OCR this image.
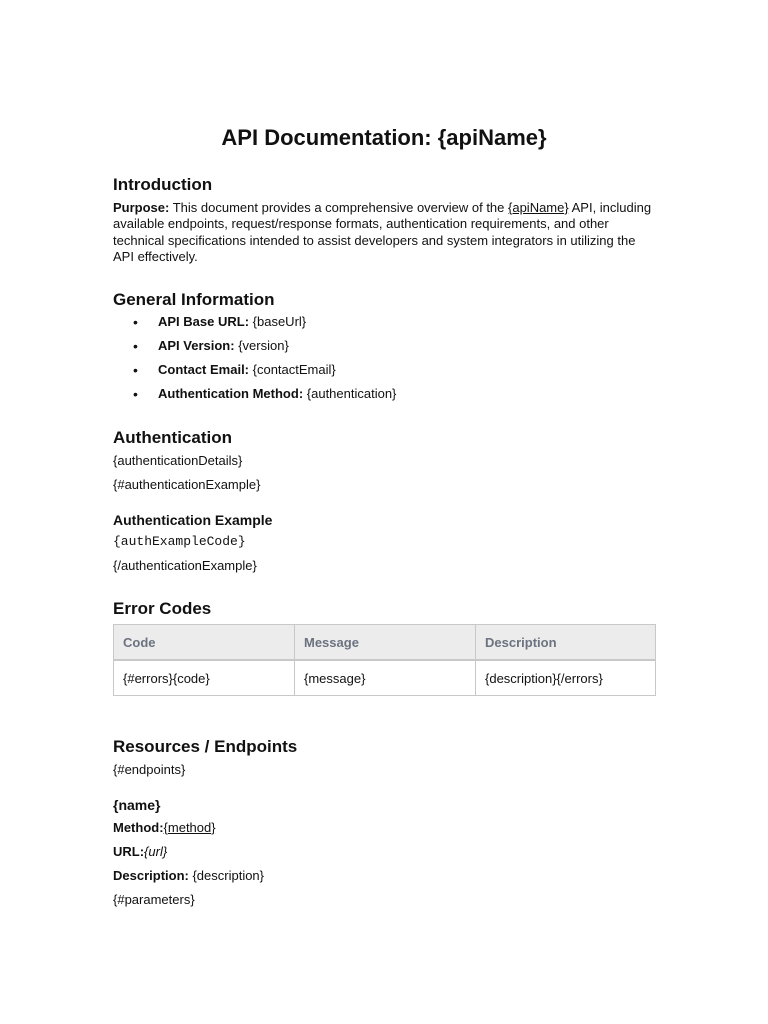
API Documentation: {apiName}
Introduction

Purpose: This document provides a comprehensive overview of the {apiName} API, including available endpoints, request/response formats, authentication requirements, and other technical specifications intended to assist developers and system integrators in utilizing the API effectively.

General Information
• API Base URL: {baseUrl}
• API Version: {version}
• Contact Email: {contactEmail}
• Authentication Method: {authentication}
Authentication

{authenticationDetails}

{#authenticationExample}

Authentication Example

{authExampleCode}

{/authenticationExample}

Error Codes
Code	Message	Description
{#errors}{code}	{message}	{description}{/errors}
Resources / Endpoints

{#endpoints}

{name}

Method:{method}

URL:{url}

Description: {description}

{#parameters}
